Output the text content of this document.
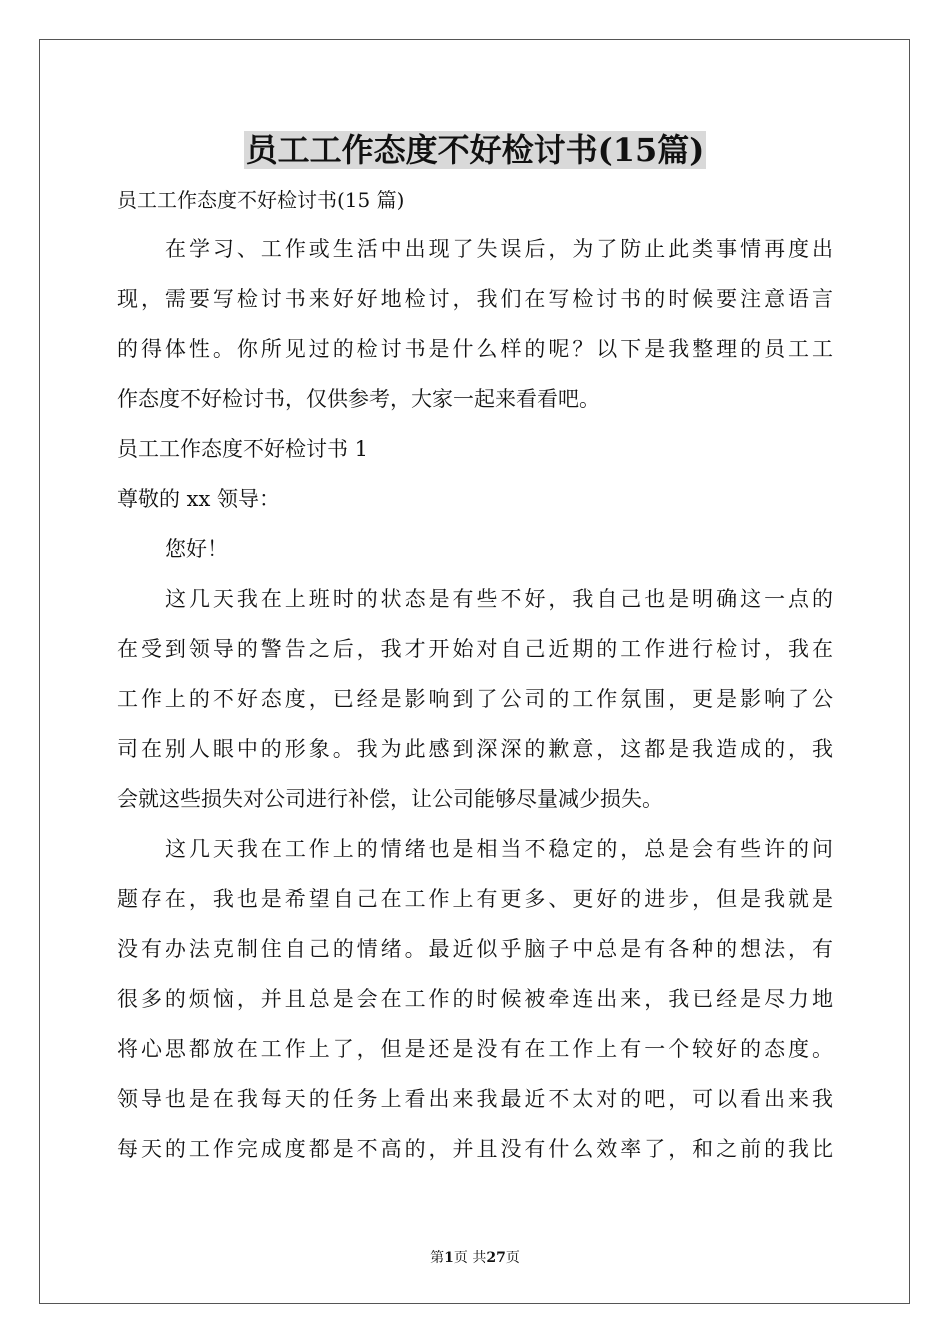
员工工作态度不好检讨书(15篇)
员工工作态度不好检讨书(15 篇)
在学习、工作或生活中出现了失误后，为了防止此类事情再度出
现，需要写检讨书来好好地检讨，我们在写检讨书的时候要注意语言
的得体性。你所见过的检讨书是什么样的呢？以下是我整理的员工工
作态度不好检讨书，仅供参考，大家一起来看看吧。
员工工作态度不好检讨书 1
尊敬的 xx 领导：
您好！
这几天我在上班时的状态是有些不好，我自己也是明确这一点的
在受到领导的警告之后，我才开始对自己近期的工作进行检讨，我在
工作上的不好态度，已经是影响到了公司的工作氛围，更是影响了公
司在别人眼中的形象。我为此感到深深的歉意，这都是我造成的，我
会就这些损失对公司进行补偿，让公司能够尽量减少损失。
这几天我在工作上的情绪也是相当不稳定的，总是会有些许的问
题存在，我也是希望自己在工作上有更多、更好的进步，但是我就是
没有办法克制住自己的情绪。最近似乎脑子中总是有各种的想法，有
很多的烦恼，并且总是会在工作的时候被牵连出来，我已经是尽力地
将心思都放在工作上了，但是还是没有在工作上有一个较好的态度。
领导也是在我每天的任务上看出来我最近不太对的吧，可以看出来我
每天的工作完成度都是不高的，并且没有什么效率了，和之前的我比
第1页 共27页
